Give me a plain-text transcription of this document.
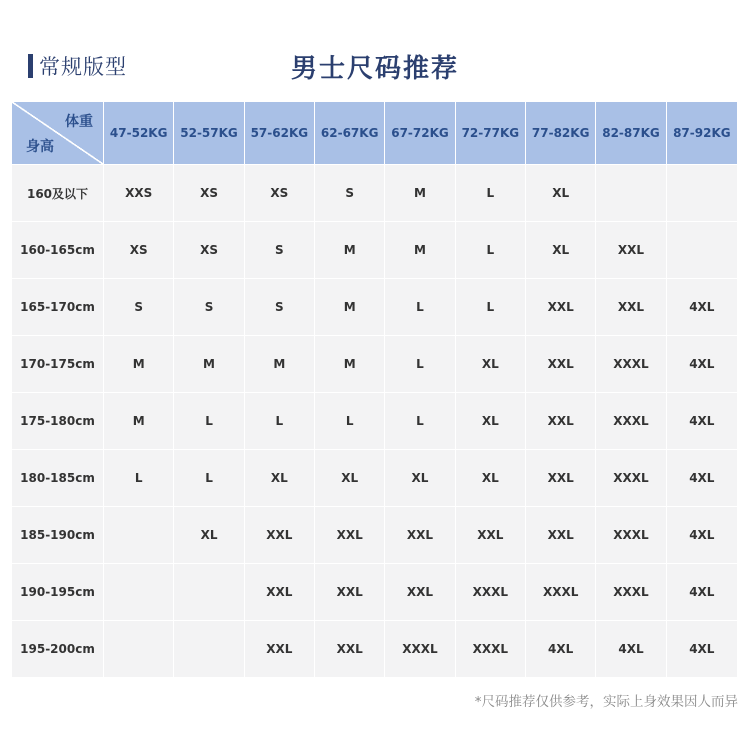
常规版型	男士尺码推荐
体重
身高	47-52KG	52-57KG	57-62KG	62-67KG	67-72KG	72-77KG	77-82KG	82-87KG	87-92KG
160及以下	XXS	XS	XS	S	M	L	XL		
160-165cm	XS	XS	S	M	M	L	XL	XXL	
165-170cm	S	S	S	M	L	L	XXL	XXL	4XL
170-175cm	M	M	M	M	L	XL	XXL	XXXL	4XL
175-180cm	M	L	L	L	L	XL	XXL	XXXL	4XL
180-185cm	L	L	XL	XL	XL	XL	XXL	XXXL	4XL
185-190cm		XL	XXL	XXL	XXL	XXL	XXL	XXXL	4XL
190-195cm			XXL	XXL	XXL	XXXL	XXXL	XXXL	4XL
195-200cm			XXL	XXL	XXXL	XXXL	4XL	4XL	4XL
*尺码推荐仅供参考，实际上身效果因人而异
